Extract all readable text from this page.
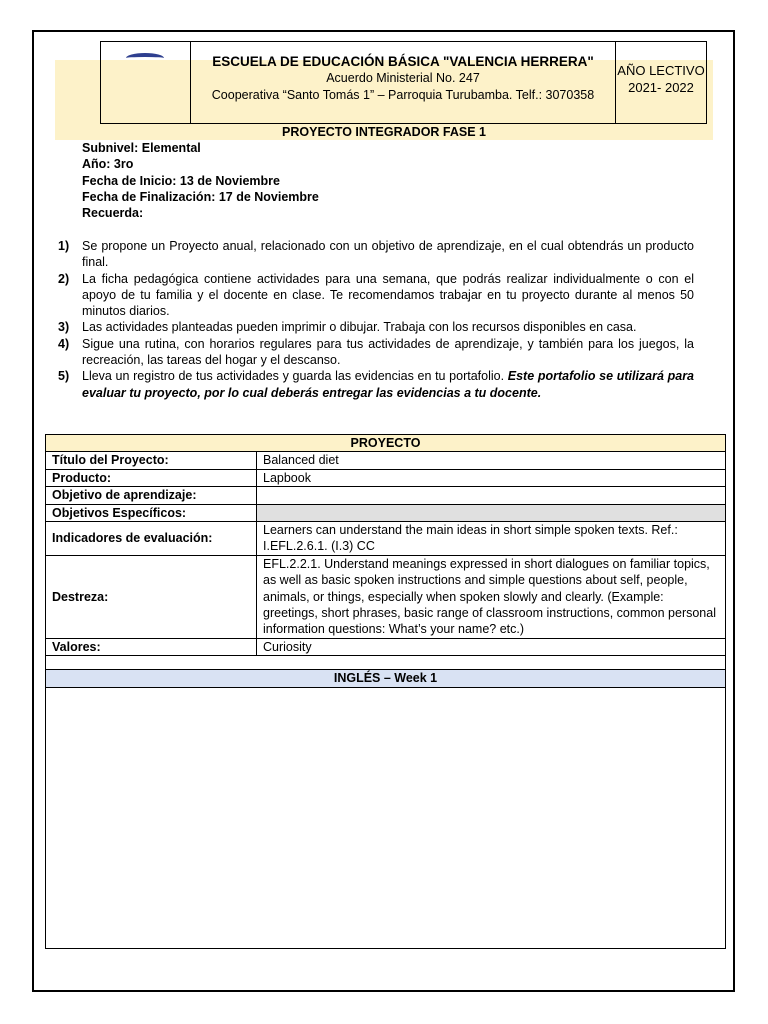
ESCUELA DE EDUCACIÓN BÁSICA "VALENCIA HERRERA"
Acuerdo Ministerial No. 247
Cooperativa “Santo Tomás 1” – Parroquia Turubamba. Telf.: 3070358
AÑO LECTIVO
2021- 2022
PROYECTO INTEGRADOR FASE 1
Subnivel: Elemental
Año: 3ro
Fecha de Inicio: 13 de Noviembre
Fecha de Finalización: 17 de Noviembre
Recuerda:
1) Se propone un Proyecto anual, relacionado con un objetivo de aprendizaje, en el cual obtendrás un producto final.
2) La ficha pedagógica contiene actividades para una semana, que podrás realizar individualmente o con el apoyo de tu familia y el docente en clase. Te recomendamos trabajar en tu proyecto durante al menos 50 minutos diarios.
3) Las actividades planteadas pueden imprimir o dibujar. Trabaja con los recursos disponibles en casa.
4) Sigue una rutina, con horarios regulares para tus actividades de aprendizaje, y también para los juegos, la recreación, las tareas del hogar y el descanso.
5) Lleva un registro de tus actividades y guarda las evidencias en tu portafolio. Este portafolio se utilizará para evaluar tu proyecto, por lo cual deberás entregar las evidencias a tu docente.
PROYECTO	
Título del Proyecto:	Balanced diet
Producto:	Lapbook
Objetivo de aprendizaje:	
Objetivos Específicos:	
Indicadores de evaluación:	Learners can understand the main ideas in short simple spoken texts. Ref.: I.EFL.2.6.1. (I.3) CC
Destreza:	EFL.2.2.1. Understand meanings expressed in short dialogues on familiar topics, as well as basic spoken instructions and simple questions about self, people, animals, or things, especially when spoken slowly and clearly. (Example: greetings, short phrases, basic range of classroom instructions, common personal information questions: What’s your name? etc.)
Valores:	Curiosity

INGLÉS – Week 1	
